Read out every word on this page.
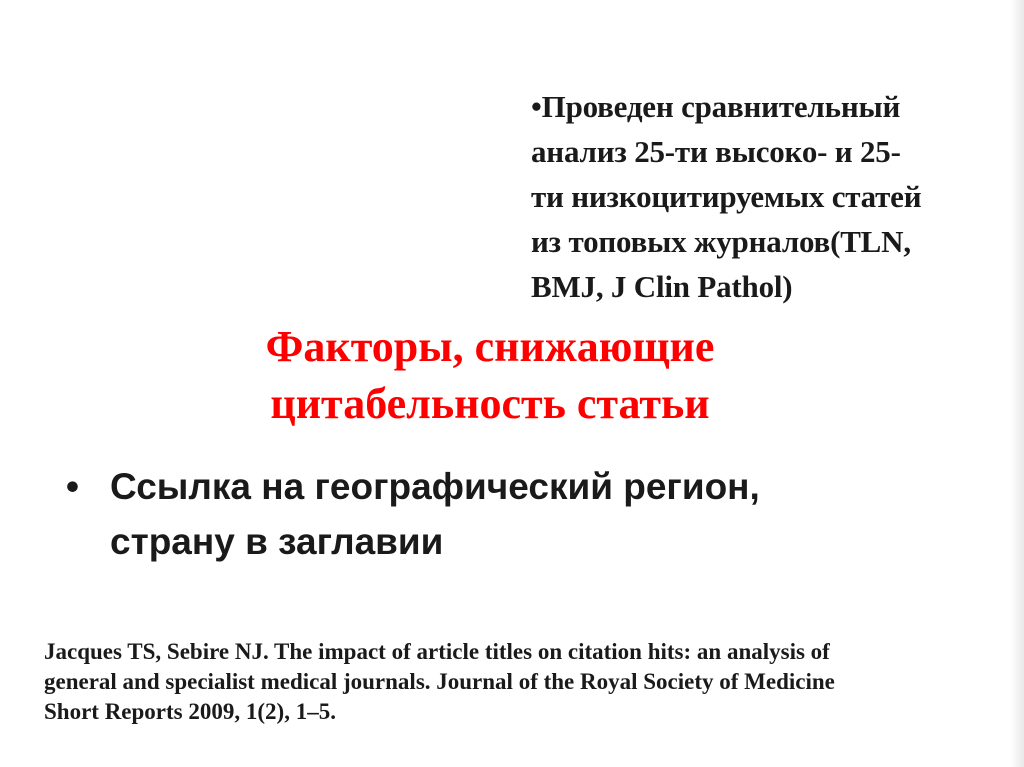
•Проведен сравнительный
анализ 25-ти высоко- и 25-
ти низкоцитируемых статей
из топовых журналов(TLN,
BMJ, J Clin Pathol)
Факторы, снижающие
цитабельность статьи
• Ссылка на географический регион,
страну в заглавии
Jacques TS, Sebire NJ. The impact of article titles on citation hits: an analysis of
general and specialist medical journals. Journal of the Royal Society of Medicine
Short Reports 2009, 1(2), 1–5.
